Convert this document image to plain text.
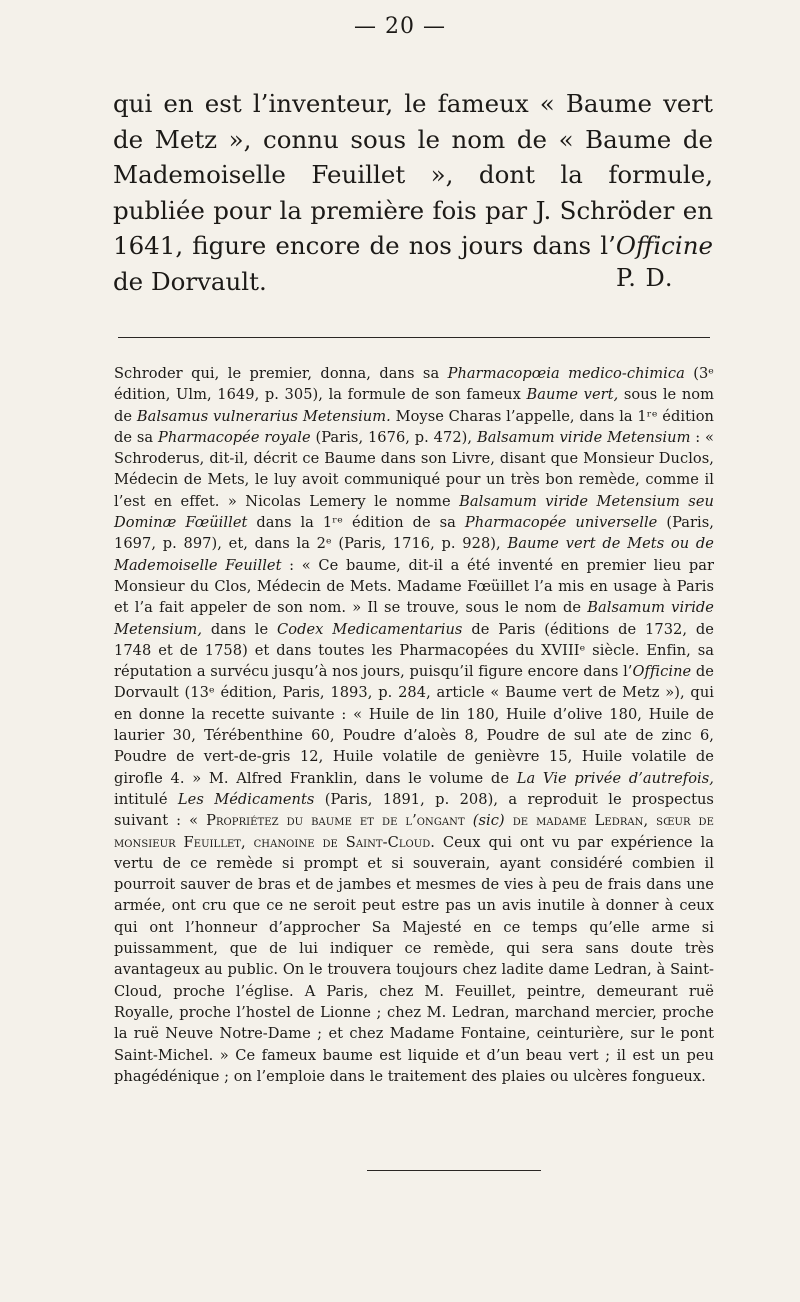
— 20 —

qui en est l’inventeur, le fameux « Baume vert de Metz », connu sous le nom de « Baume de Mademoiselle Feuillet », dont la formule, publiée pour la première fois par J. Schröder en 1641, figure encore de nos jours dans l’Officine de Dorvault.	P. D.

Schroder qui, le premier, donna, dans sa Pharmacopœia medico-chimica (3ᵉ édition, Ulm, 1649, p. 305), la formule de son fameux Baume vert, sous le nom de Balsamus vulnerarius Metensium. Moyse Charas l’appelle, dans la 1ʳᵉ édition de sa Pharmacopée royale (Paris, 1676, p. 472), Balsamum viride Metensium : « Schroderus, dit-il, décrit ce Baume dans son Livre, disant que Monsieur Duclos, Médecin de Mets, le luy avoit communiqué pour un très bon remède, comme il l’est en effet. » Nicolas Lemery le nomme Balsamum viride Metensium seu Dominæ Fœüillet dans la 1ʳᵉ édition de sa Pharmacopée universelle (Paris, 1697, p. 897), et, dans la 2ᵉ (Paris, 1716, p. 928), Baume vert de Mets ou de Mademoiselle Feuillet : « Ce baume, dit-il a été inventé en premier lieu par Monsieur du Clos, Médecin de Mets. Madame Fœüillet l’a mis en usage à Paris et l’a fait appeler de son nom. » Il se trouve, sous le nom de Balsamum viride Metensium, dans le Codex Medicamentarius de Paris (éditions de 1732, de 1748 et de 1758) et dans toutes les Pharmacopées du XVIIIᵉ siècle. Enfin, sa réputation a survécu jusqu’à nos jours, puisqu’il figure encore dans l’Officine de Dorvault (13ᵉ édition, Paris, 1893, p. 284, article « Baume vert de Metz »), qui en donne la recette suivante : « Huile de lin 180, Huile d’olive 180, Huile de laurier 30, Térébenthine 60, Poudre d’aloès 8, Poudre de sul ate de zinc 6, Poudre de vert-de-gris 12, Huile volatile de genièvre 15, Huile volatile de girofle 4. » M. Alfred Franklin, dans le volume de La Vie privée d’autrefois, intitulé Les Médicaments (Paris, 1891, p. 208), a reproduit le prospectus suivant : « Propriétez du baume et de l’ongant (sic) de madame Ledran, sœur de monsieur Feuillet, chanoine de Saint-Cloud. Ceux qui ont vu par expérience la vertu de ce remède si prompt et si souverain, ayant considéré combien il pourroit sauver de bras et de jambes et mesmes de vies à peu de frais dans une armée, ont cru que ce ne seroit peut estre pas un avis inutile à donner à ceux qui ont l’honneur d’approcher Sa Majesté en ce temps qu’elle arme si puissamment, que de lui indiquer ce remède, qui sera sans doute très avantageux au public. On le trouvera toujours chez ladite dame Ledran, à Saint-Cloud, proche l’église. A Paris, chez M. Feuillet, peintre, demeurant ruë Royalle, proche l’hostel de Lionne ; chez M. Ledran, marchand mercier, proche la ruë Neuve Notre-Dame ; et chez Madame Fontaine, ceinturière, sur le pont Saint-Michel. » Ce fameux baume est liquide et d’un beau vert ; il est un peu phagédénique ; on l’emploie dans le traitement des plaies ou ulcères fongueux.
